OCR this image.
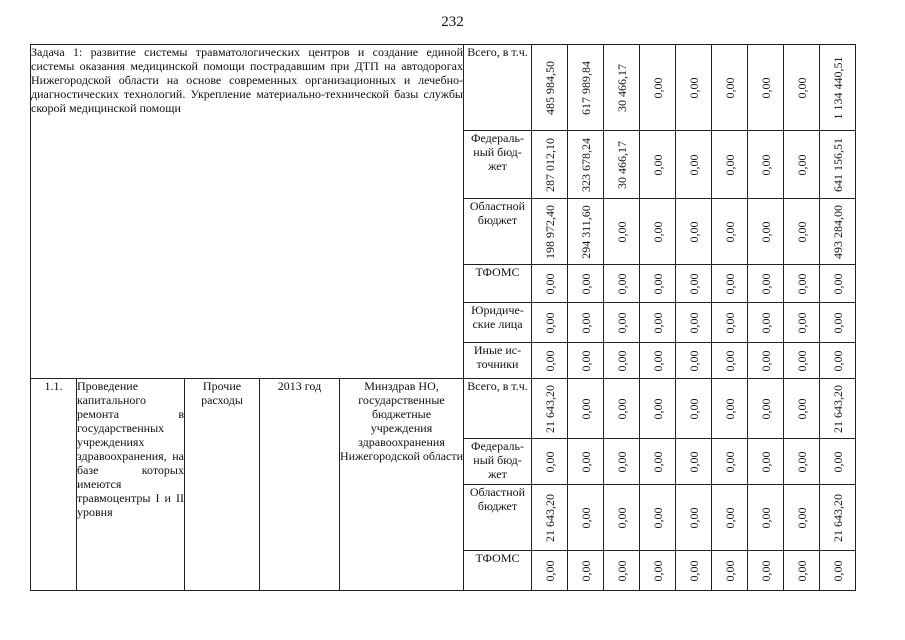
232
Задача 1: развитие системы травматологических центров и создание единой системы оказания медицинской помощи пострадавшим при ДТП на автодорогах Нижегородской области на основе современных организационных и лечебно-диагностических технологий. Укрепление материально-технической базы службы скорой медицинской помощи					Всего, в т.ч.	485 984,50	617 989,84	30 466,17	0,00	0,00	0,00	0,00	0,00	1 134 440,51

					Федераль-ный бюд-жет	287 012,10	323 678,24	30 466,17	0,00	0,00	0,00	0,00	0,00	641 156,51

					Областной бюджет	198 972,40	294 311,60	0,00	0,00	0,00	0,00	0,00	0,00	493 284,00

					ТФОМС	0,00	0,00	0,00	0,00	0,00	0,00	0,00	0,00	0,00

					Юридиче-ские лица	0,00	0,00	0,00	0,00	0,00	0,00	0,00	0,00	0,00

					Иные ис-точники	0,00	0,00	0,00	0,00	0,00	0,00	0,00	0,00	0,00

1.1.	Проведение капитального ремонта в государственных учреждениях здравоохранения, на базе которых имеются травмоцентры I и II уровня	Прочие расходы	2013 год	Минздрав НО, государственные бюджетные учреждения здравоохранения Нижегородской области	Всего, в т.ч.	21 643,20	0,00	0,00	0,00	0,00	0,00	0,00	0,00	21 643,20

					Федераль-ный бюд-жет	0,00	0,00	0,00	0,00	0,00	0,00	0,00	0,00	0,00

					Областной бюджет	21 643,20	0,00	0,00	0,00	0,00	0,00	0,00	0,00	21 643,20

					ТФОМС	0,00	0,00	0,00	0,00	0,00	0,00	0,00	0,00	0,00
